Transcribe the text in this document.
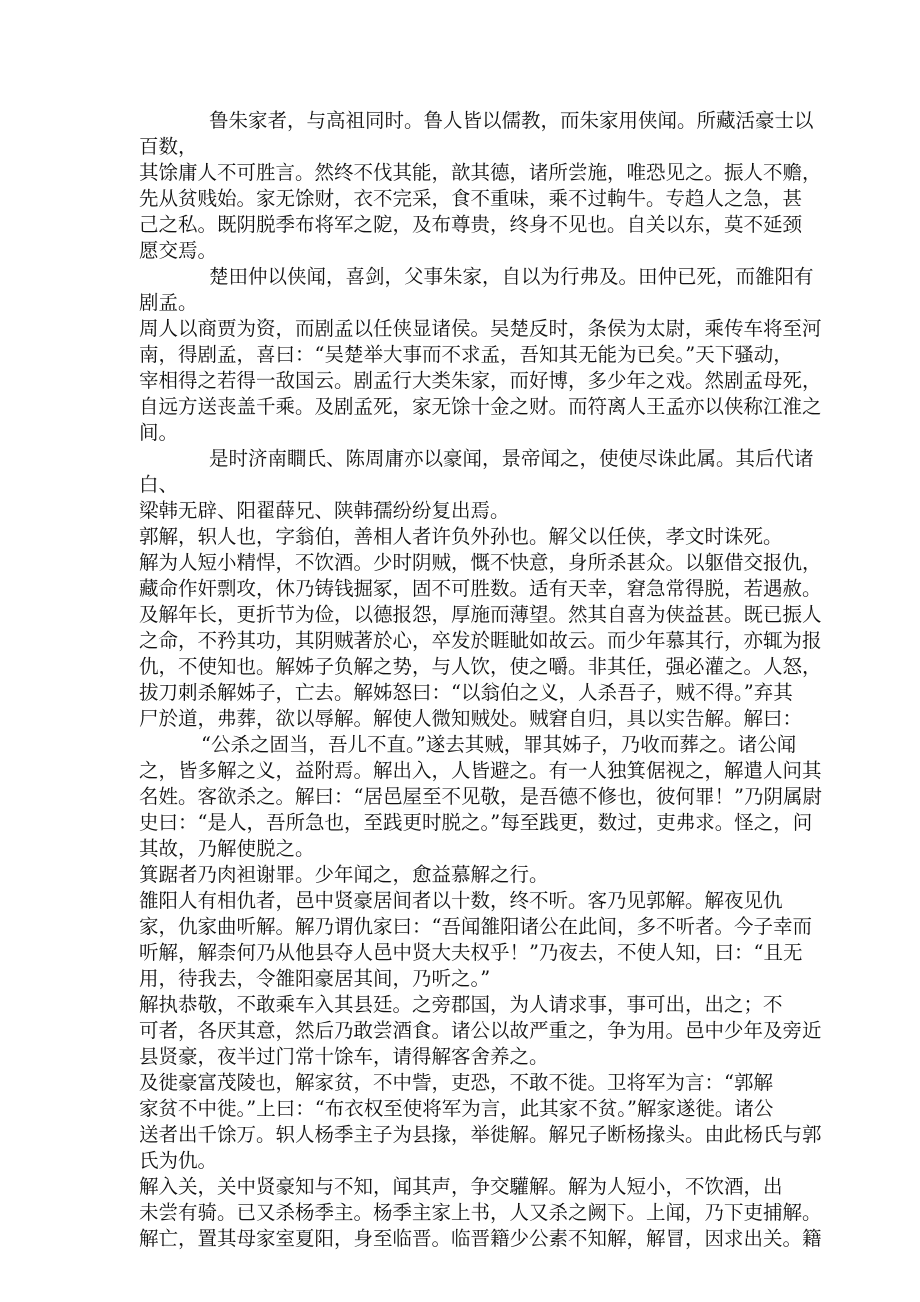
鲁朱家者，与高祖同时。鲁人皆以儒教，而朱家用侠闻。所藏活豪士以
百数，
其馀庸人不可胜言。然终不伐其能，歆其德，诸所尝施，唯恐见之。振人不赡，
先从贫贱始。家无馀财，衣不完采，食不重味，乘不过軥牛。专趋人之急，甚
己之私。既阴脱季布将军之阸，及布尊贵，终身不见也。自关以东，莫不延颈
愿交焉。
楚田仲以侠闻，喜剑，父事朱家，自以为行弗及。田仲已死，而雒阳有
剧孟。
周人以商贾为资，而剧孟以任侠显诸侯。吴楚反时，条侯为太尉，乘传车将至河
南，得剧孟，喜曰：“吴楚举大事而不求孟，吾知其无能为已矣。”天下骚动，
宰相得之若得一敌国云。剧孟行大类朱家，而好博，多少年之戏。然剧孟母死，
自远方送丧盖千乘。及剧孟死，家无馀十金之财。而符离人王孟亦以侠称江淮之
间。
是时济南瞷氏、陈周庸亦以豪闻，景帝闻之，使使尽诛此属。其后代诸
白、
梁韩无辟、阳翟薛兄、陕韩孺纷纷复出焉。
郭解，轵人也，字翁伯，善相人者许负外孙也。解父以任侠，孝文时诛死。
解为人短小精悍，不饮酒。少时阴贼，慨不快意，身所杀甚众。以躯借交报仇，
藏命作奸剽攻，休乃铸钱掘冢，固不可胜数。适有天幸，窘急常得脱，若遇赦。
及解年长，更折节为俭，以德报怨，厚施而薄望。然其自喜为侠益甚。既已振人
之命，不矜其功，其阴贼著於心，卒发於睚眦如故云。而少年慕其行，亦辄为报
仇，不使知也。解姊子负解之势，与人饮，使之嚼。非其任，强必灌之。人怒，
拔刀刺杀解姊子，亡去。解姊怒曰：“以翁伯之义，人杀吾子，贼不得。”弃其
尸於道，弗葬，欲以辱解。解使人微知贼处。贼窘自归，具以实告解。解曰：
“公杀之固当，吾儿不直。”遂去其贼，罪其姊子，乃收而葬之。诸公闻
之，皆多解之义，益附焉。解出入，人皆避之。有一人独箕倨视之，解遣人问其
名姓。客欲杀之。解曰：“居邑屋至不见敬，是吾德不修也，彼何罪！”乃阴属尉
史曰：“是人，吾所急也，至践更时脱之。”每至践更，数过，吏弗求。怪之，问
其故，乃解使脱之。
箕踞者乃肉袒谢罪。少年闻之，愈益慕解之行。
雒阳人有相仇者，邑中贤豪居间者以十数，终不听。客乃见郭解。解夜见仇
家，仇家曲听解。解乃谓仇家曰：“吾闻雒阳诸公在此间，多不听者。今子幸而
听解，解柰何乃从他县夺人邑中贤大夫权乎！”乃夜去，不使人知，曰：“且无
用，待我去，令雒阳豪居其间，乃听之。”
解执恭敬，不敢乘车入其县廷。之旁郡国，为人请求事，事可出，出之；不
可者，各厌其意，然后乃敢尝酒食。诸公以故严重之，争为用。邑中少年及旁近
县贤豪，夜半过门常十馀车，请得解客舍养之。
及徙豪富茂陵也，解家贫，不中訾，吏恐，不敢不徙。卫将军为言：“郭解
家贫不中徙。”上曰：“布衣权至使将军为言，此其家不贫。”解家遂徙。诸公
送者出千馀万。轵人杨季主子为县掾，举徙解。解兄子断杨掾头。由此杨氏与郭
氏为仇。
解入关，关中贤豪知与不知，闻其声，争交驩解。解为人短小，不饮酒，出
未尝有骑。已又杀杨季主。杨季主家上书，人又杀之阙下。上闻，乃下吏捕解。
解亡，置其母家室夏阳，身至临晋。临晋籍少公素不知解，解冒，因求出关。籍
